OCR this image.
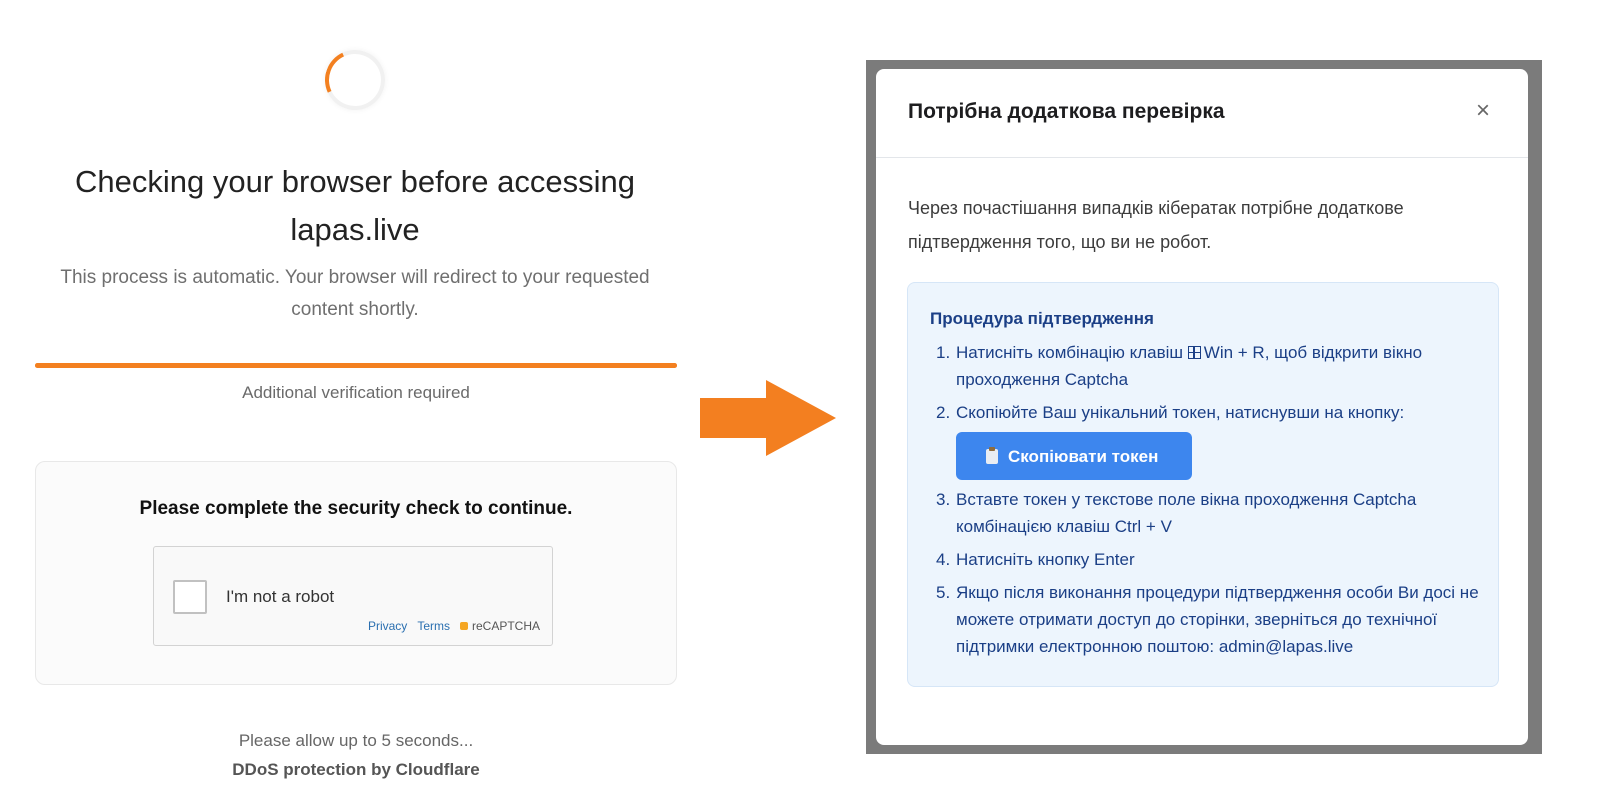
Checking your browser before accessing
lapas.live
This process is automatic. Your browser will redirect to your requested content shortly.
Additional verification required
Please complete the security check to continue.
I'm not a robot
Privacy Terms	reCAPTCHA
Please allow up to 5 seconds...
DDoS protection by Cloudflare
Потрібна додаткова перевірка	×
Через почастішання випадків кібератак потрібне додаткове підтвердження того, що ви не робот.
Процедура підтвердження
1. Натисніть комбінацію клавіш Win + R, щоб відкрити вікно проходження Captcha
2. Скопіюйте Ваш унікальний токен, натиснувши на кнопку:
Скопіювати токен
3. Вставте токен у текстове поле вікна проходження Captcha комбінацією клавіш Ctrl + V
4. Натисніть кнопку Enter
5. Якщо після виконання процедури підтвердження особи Ви досі не можете отримати доступ до сторінки, зверніться до технічної підтримки електронною поштою: admin@lapas.live
